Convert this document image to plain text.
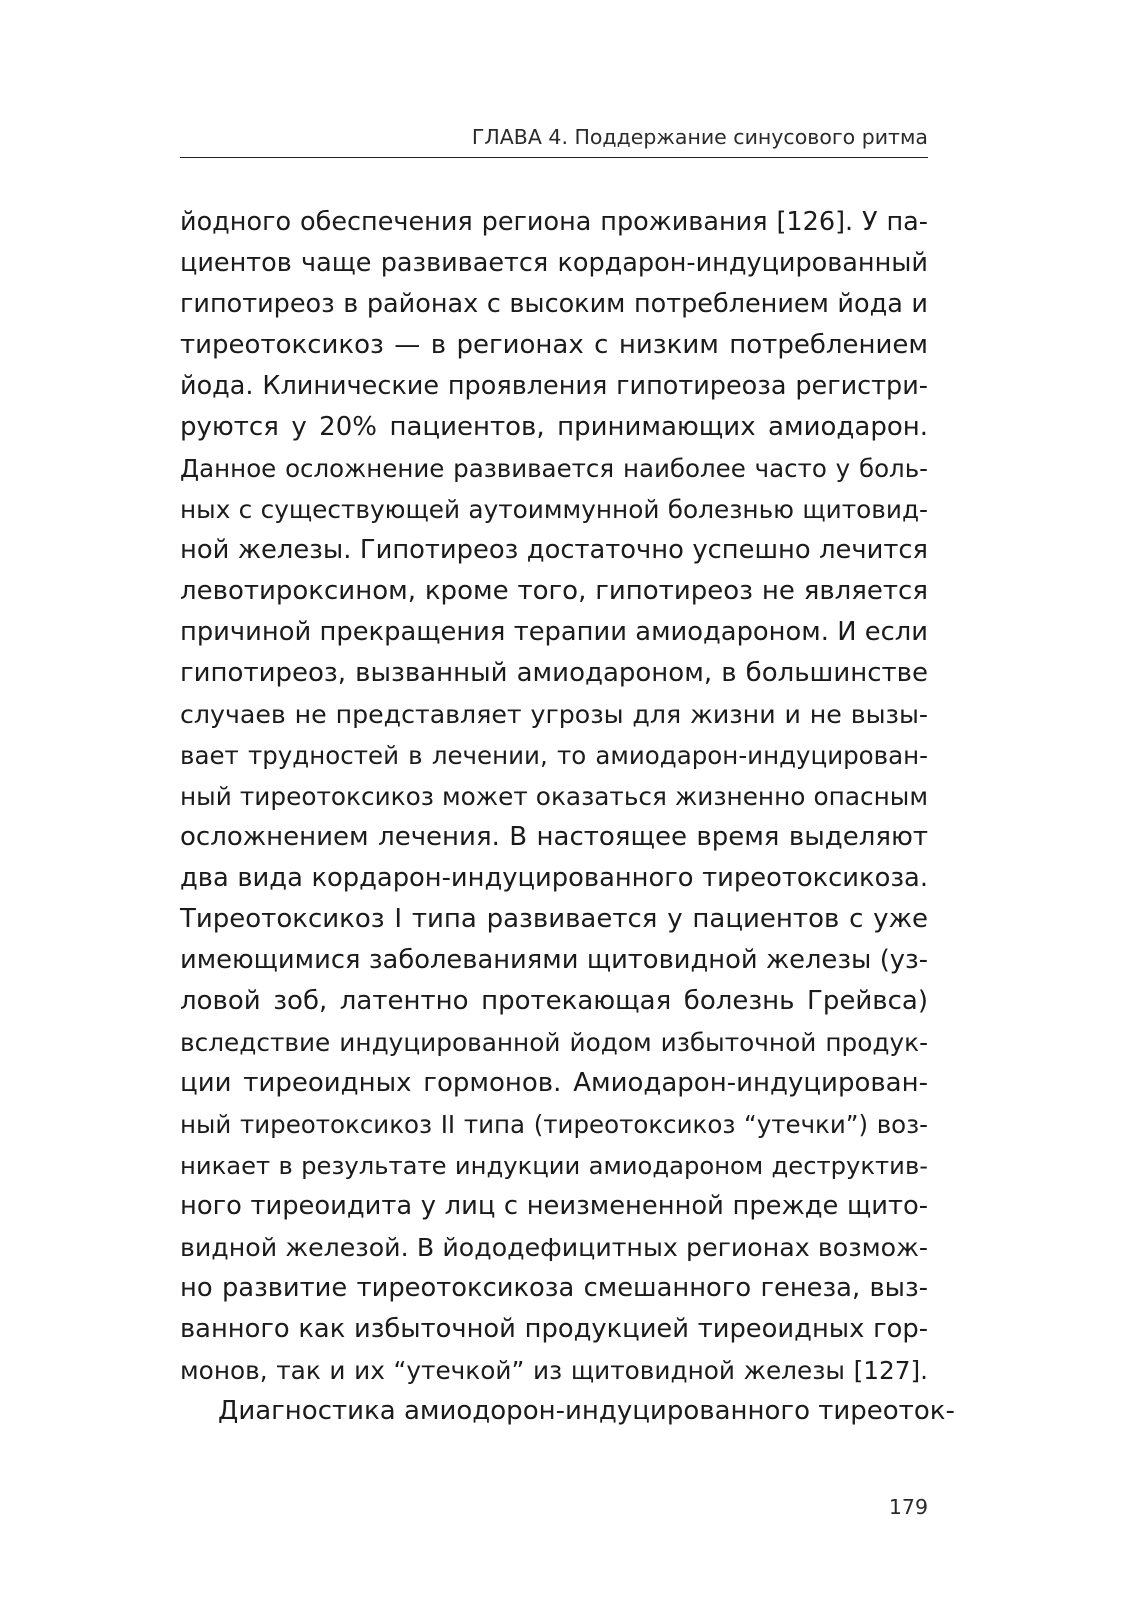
ГЛАВА 4. Поддержание синусового ритма
йодного обеспечения региона проживания [126]. У па-
циентов чаще развивается кордарон-индуцированный
гипотиреоз в районах с высоким потреблением йода и
тиреотоксикоз — в регионах с низким потреблением
йода. Клинические проявления гипотиреоза регистри-
руются у 20% пациентов, принимающих амиодарон.
Данное осложнение развивается наиболее часто у боль-
ных с существующей аутоиммунной болезнью щитовид-
ной железы. Гипотиреоз достаточно успешно лечится
левотироксином, кроме того, гипотиреоз не является
причиной прекращения терапии амиодароном. И если
гипотиреоз, вызванный амиодароном, в большинстве
случаев не представляет угрозы для жизни и не вызы-
вает трудностей в лечении, то амиодарон-индуцирован-
ный тиреотоксикоз может оказаться жизненно опасным
осложнением лечения. В настоящее время выделяют
два вида кордарон-индуцированного тиреотоксикоза.
Тиреотоксикоз I типа развивается у пациентов с уже
имеющимися заболеваниями щитовидной железы (уз-
ловой зоб, латентно протекающая болезнь Грейвса)
вследствие индуцированной йодом избыточной продук-
ции тиреоидных гормонов. Амиодарон-индуцирован-
ный тиреотоксикоз II типа (тиреотоксикоз “утечки”) воз-
никает в результате индукции амиодароном деструктив-
ного тиреоидита у лиц с неизмененной прежде щито-
видной железой. В йододефицитных регионах возмож-
но развитие тиреотоксикоза смешанного генеза, выз-
ванного как избыточной продукцией тиреоидных гор-
монов, так и их “утечкой” из щитовидной железы [127].
Диагностика амиодорон-индуцированного тиреоток-
179
